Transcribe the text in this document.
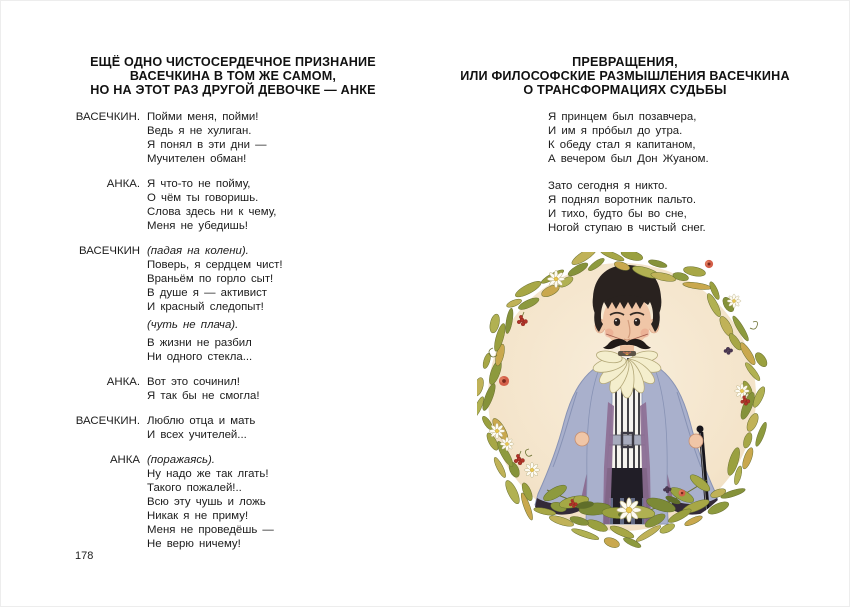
ЕЩЁ ОДНО ЧИСТОСЕРДЕЧНОЕ ПРИЗНАНИЕ
ВАСЕЧКИНА В ТОМ ЖЕ САМОМ,
НО НА ЭТОТ РАЗ ДРУГОЙ ДЕВОЧКЕ — АНКЕ
ВАСЕЧКИН. Пойми меня, пойми!
Ведь я не хулиган.
Я понял в эти дни —
Мучителен обман!
АНКА. Я что-то не пойму,
О чём ты говоришь.
Слова здесь ни к чему,
Меня не убедишь!
ВАСЕЧКИН (падая на колени).
Поверь, я сердцем чист!
Враньём по горло сыт!
В душе я — активист
И красный следопыт!
(чуть не плача).
В жизни не разбил
Ни одного стекла...
АНКА. Вот это сочинил!
Я так бы не смогла!
ВАСЕЧКИН. Люблю отца и мать
И всех учителей...
АНКА (поражаясь).
Ну надо же так лгать!
Такого пожалей!..
Всю эту чушь и ложь
Никак я не приму!
Меня не проведёшь —
Не верю ничему!
178
ПРЕВРАЩЕНИЯ,
ИЛИ ФИЛОСОФСКИЕ РАЗМЫШЛЕНИЯ ВАСЕЧКИНА
О ТРАНСФОРМАЦИЯХ СУДЬБЫ
Я принцем был позавчера,
И им я про́был до утра.
К обеду стал я капитаном,
А вечером был Дон Жуаном.
Зато сегодня я никто.
Я поднял воротник пальто.
И тихо, будто бы во сне,
Ногой ступаю в чистый снег.
